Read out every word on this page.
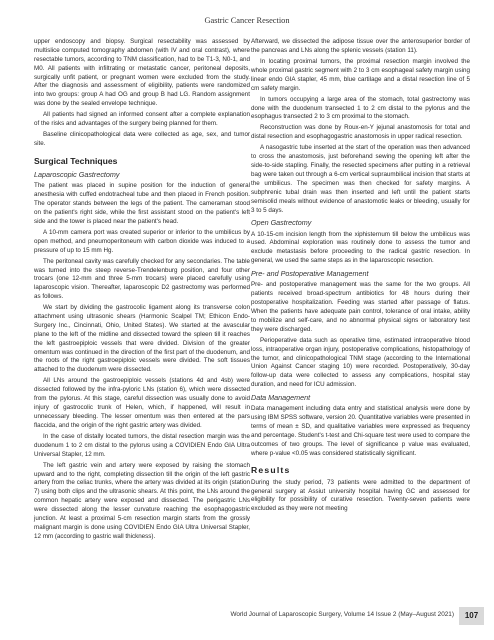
Gastric Cancer Resection

upper endoscopy and biopsy. Surgical resectability was assessed by multislice computed tomography abdomen (with IV and oral contrast), where resectable tumors, according to TNM classification, had to be T1-3, N0-1, and M0. All patients with infiltrating or metastatic cancer, peritoneal deposits, surgically unfit patient, or pregnant women were excluded from the study. After the diagnosis and assessment of eligibility, patients were randomized into two groups: group A had OG and group B had LG. Random assignment was done by the sealed envelope technique.

All patients had signed an informed consent after a complete explanation of the risks and advantages of the surgery being planned for them.

Baseline clinicopathological data were collected as age, sex, and tumor site.

Surgical Techniques
Laparoscopic Gastrectomy

The patient was placed in supine position for the induction of general anesthesia with cuffed endotracheal tube and then placed in French position. The operator stands between the legs of the patient. The cameraman stood on the patient's right side, while the first assistant stood on the patient's left side and the tower is placed near the patient's head.

A 10-mm camera port was created superior or inferior to the umbilicus by open method, and pneumoperitoneum with carbon dioxide was induced to a pressure of up to 15 mm Hg.

The peritoneal cavity was carefully checked for any secondaries. The table was turned into the steep reverse-Trendelenburg position, and four other trocars (one 12-mm and three 5-mm trocars) were placed carefully using laparoscopic vision. Thereafter, laparoscopic D2 gastrectomy was performed as follows.

We start by dividing the gastrocolic ligament along its transverse colon attachment using ultrasonic shears (Harmonic Scalpel TM; Ethicon Endo-Surgery Inc., Cincinnati, Ohio, United States). We started at the avascular plane to the left of the midline and dissected toward the spleen till it reaches the left gastroepiploic vessels that were divided. Division of the greater omentum was continued in the direction of the first part of the duodenum, and the roots of the right gastroepiploic vessels were divided. The soft tissues attached to the duodenum were dissected.

All LNs around the gastroepiploic vessels (stations 4d and 4sb) were dissected followed by the infra-pyloric LNs (station 6), which were dissected from the pylorus. At this stage, careful dissection was usually done to avoid injury of gastrocolic trunk of Helen, which, if happened, will result in unnecessary bleeding. The lesser omentum was then entered at the pars flaccida, and the origin of the right gastric artery was divided.

In the case of distally located tumors, the distal resection margin was the duodenum 1 to 2 cm distal to the pylorus using a COVIDIEN Endo GIA Ultra Universal Stapler, 12 mm.

The left gastric vein and artery were exposed by raising the stomach upward and to the right, completing dissection till the origin of the left gastric artery from the celiac trunks, where the artery was divided at its origin (station 7) using both clips and the ultrasonic shears. At this point, the LNs around the common hepatic artery were exposed and dissected. The perigastric LNs were dissected along the lesser curvature reaching the esophagogastric junction. At least a proximal 5-cm resection margin starts from the grossly malignant margin is done using COVIDIEN Endo GIA Ultra Universal Stapler, 12 mm (according to gastric wall thickness).

Afterward, we dissected the adipose tissue over the anterosuperior border of the pancreas and LNs along the splenic vessels (station 11).

In locating proximal tumors, the proximal resection margin involved the whole proximal gastric segment with 2 to 3 cm esophageal safety margin using linear endo GIA stapler, 45 mm, blue cartilage and a distal resection line of 5 cm safety margin.

In tumors occupying a large area of the stomach, total gastrectomy was done with the duodenum transected 1 to 2 cm distal to the pylorus and the esophagus transected 2 to 3 cm proximal to the stomach.

Reconstruction was done by Roux-en-Y jejunal anastomosis for total and distal resection and esophagogastric anastomosis in upper radical resection.

A nasogastric tube inserted at the start of the operation was then advanced to cross the anastomosis, just beforehand sewing the opening left after the side-to-side stapling. Finally, the resected specimens after putting in a retrieval bag were taken out through a 6-cm vertical supraumbilical incision that starts at the umbilicus. The specimen was then checked for safety margins. A subphrenic tubal drain was then inserted and left until the patient starts semisolid meals without evidence of anastomotic leaks or bleeding, usually for 3 to 5 days.

Open Gastrectomy

A 10-15-cm incision length from the xiphisternum till below the umbilicus was used. Abdominal exploration was routinely done to assess the tumor and exclude metastasis before proceeding to the radical gastric resection. In general, we used the same steps as in the laparoscopic resection.

Pre- and Postoperative Management

Pre- and postoperative management was the same for the two groups. All patients received broad-spectrum antibiotics for 48 hours during their postoperative hospitalization. Feeding was started after passage of flatus. When the patients have adequate pain control, tolerance of oral intake, ability to mobilize and self-care, and no abnormal physical signs or laboratory test they were discharged.

Perioperative data such as operative time, estimated intraoperative blood loss, intraoperative organ injury, postoperative complications, histopathology of the tumor, and clinicopathological TNM stage (according to the International Union Against Cancer staging 10) were recorded. Postoperatively, 30-day follow-up data were collected to assess any complications, hospital stay duration, and need for ICU admission.

Data Management

Data management including data entry and statistical analysis were done by using IBM SPSS software, version 20. Quantitative variables were presented in terms of mean ± SD, and qualitative variables were expressed as frequency and percentage. Student's t-test and Chi-square test were used to compare the outcomes of two groups. The level of significance p value was evaluated, where p-value <0.05 was considered statistically significant.

Results

During the study period, 73 patients were admitted to the department of general surgery at Assiut university hospital having GC and assessed for eligibility for possibility of curative resection. Twenty-seven patients were excluded as they were not meeting

World Journal of Laparoscopic Surgery, Volume 14 Issue 2 (May–August 2021)	107
